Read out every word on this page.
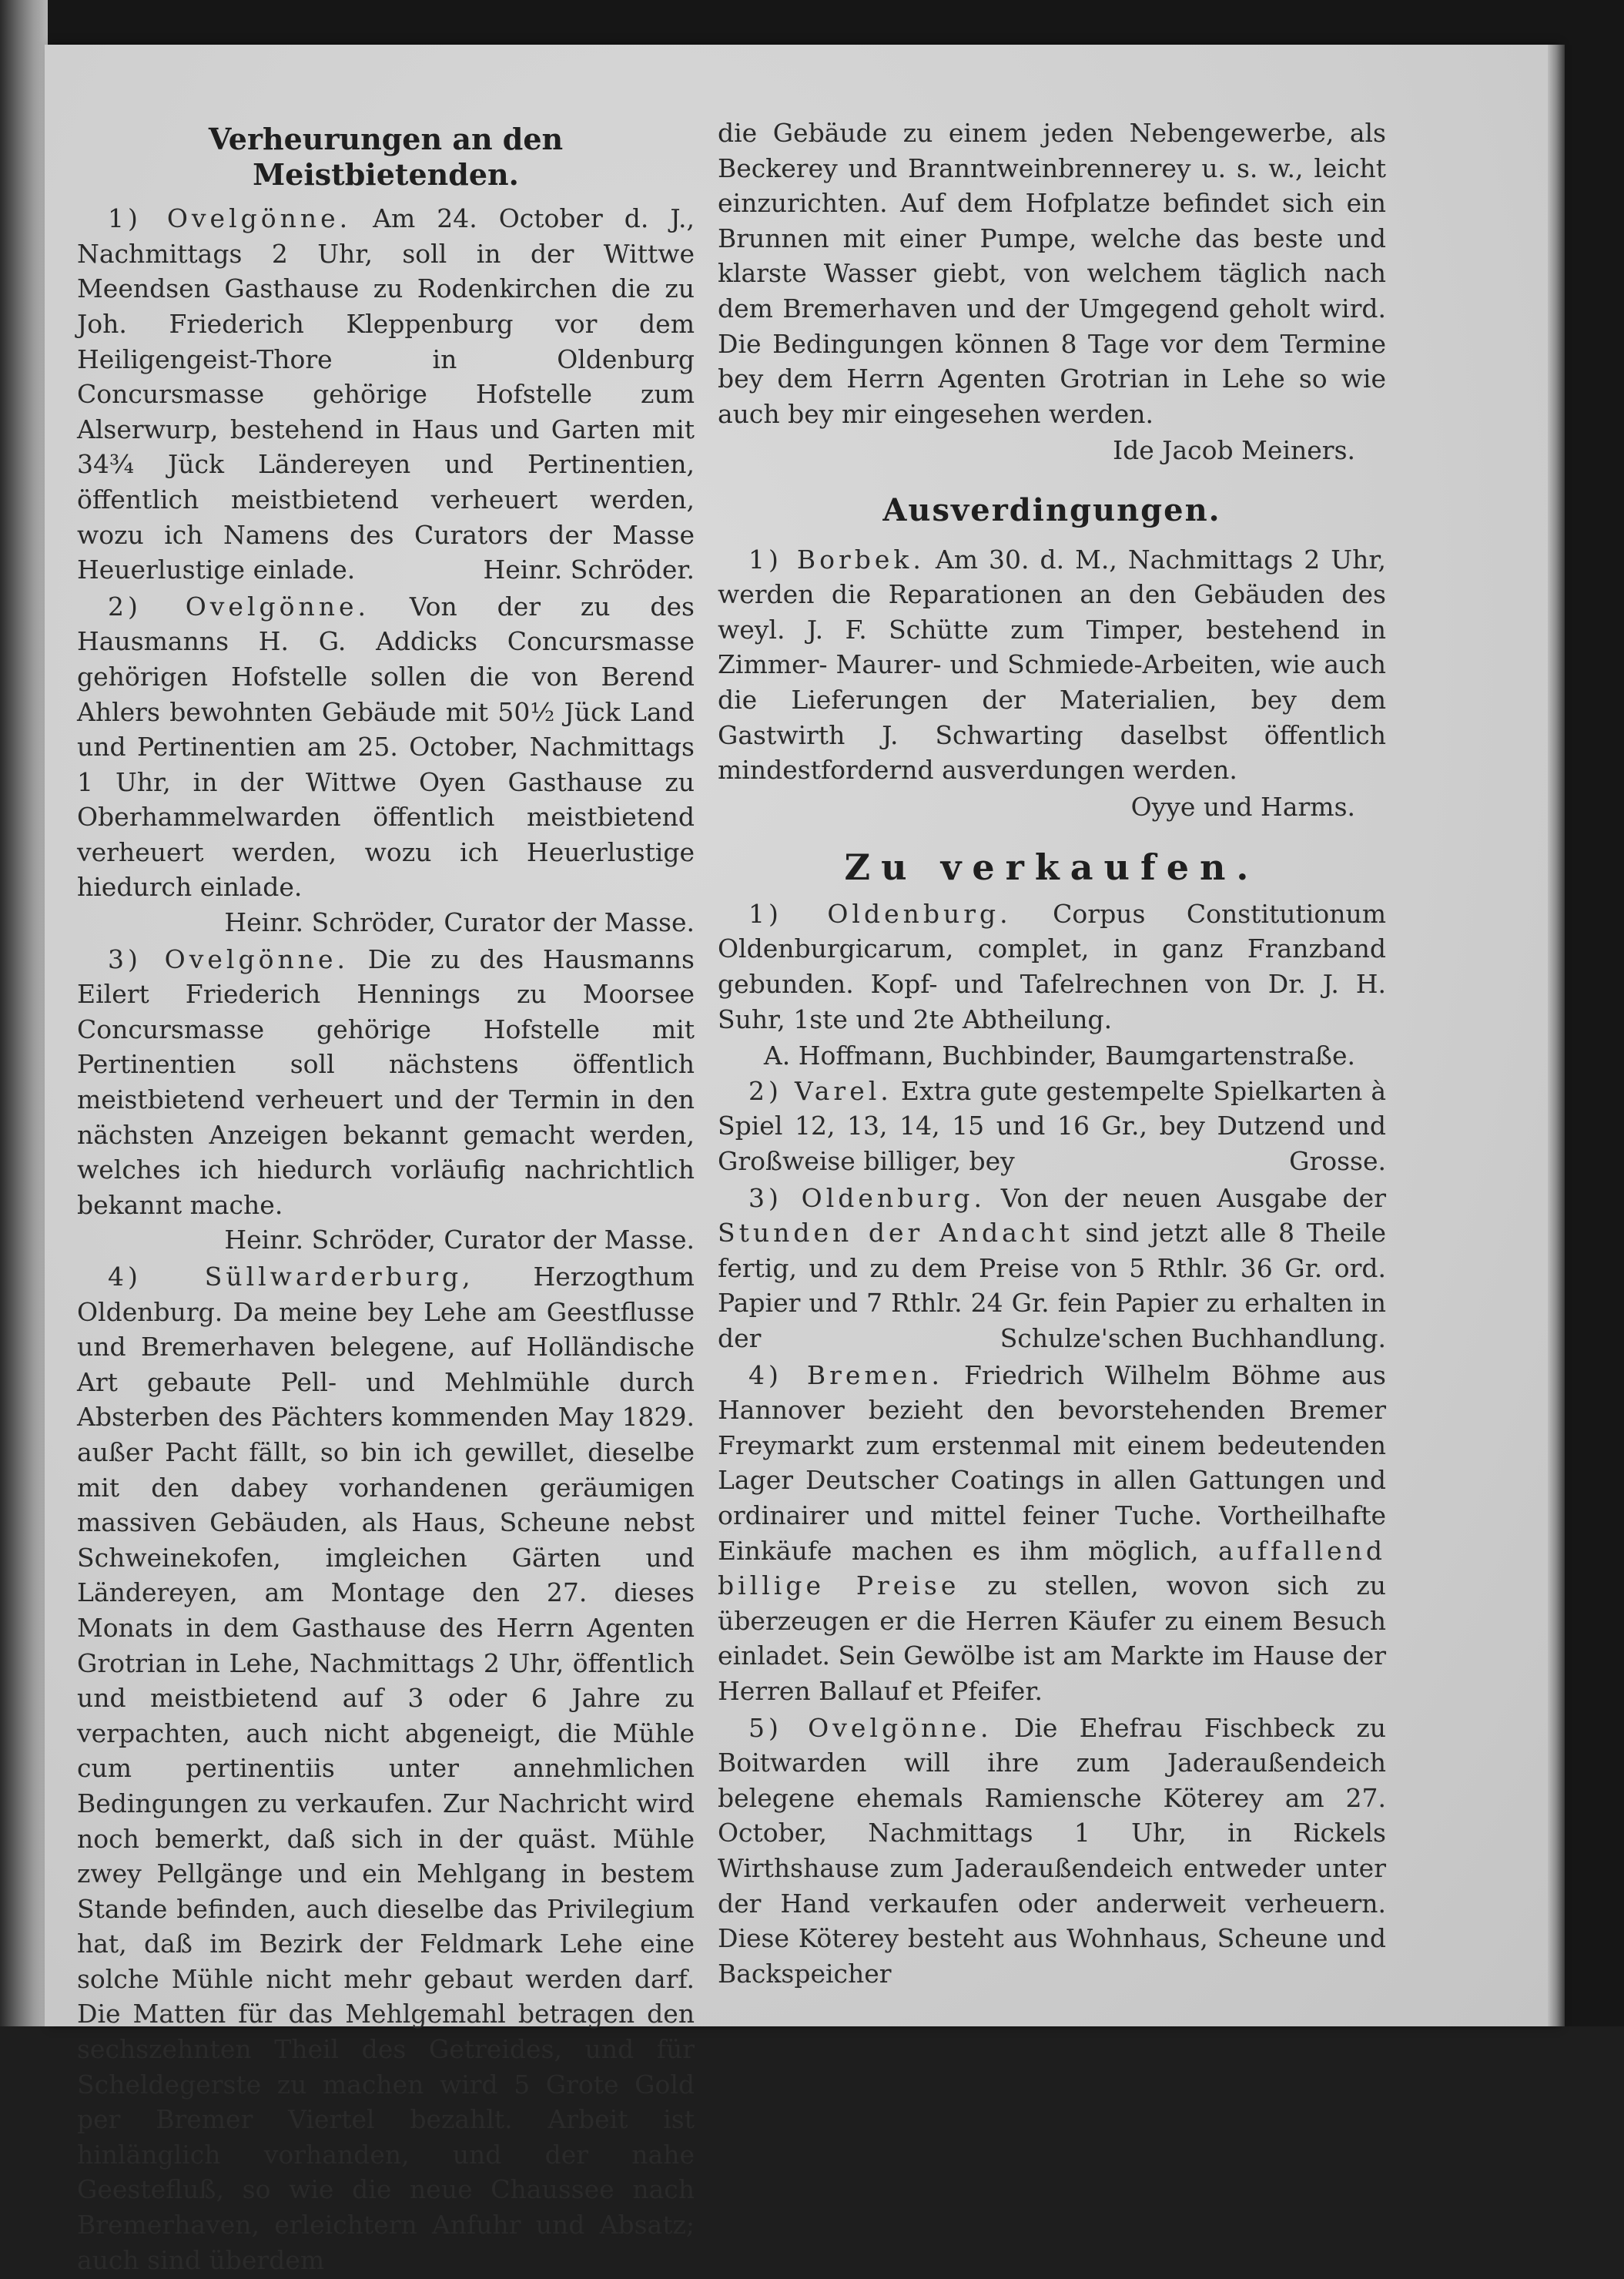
Verheurungen an den Meistbietenden.

1) Ovelgönne. Am 24. October d. J., Nachmittags 2 Uhr, soll in der Wittwe Meendsen Gasthause zu Rodenkirchen die zu Joh. Friederich Kleppenburg vor dem Heiligengeist-Thore in Oldenburg Concursmasse gehörige Hofstelle zum Alserwurp, bestehend in Haus und Garten mit 34¾ Jück Ländereyen und Pertinentien, öffentlich meistbietend verheuert werden, wozu ich Namens des Curators der Masse Heuerlustige einlade.	Heinr. Schröder.

2) Ovelgönne. Von der zu des Hausmanns H. G. Addicks Concursmasse gehörigen Hofstelle sollen die von Berend Ahlers bewohnten Gebäude mit 50½ Jück Land und Pertinentien am 25. October, Nachmittags 1 Uhr, in der Wittwe Oyen Gasthause zu Oberhammelwarden öffentlich meistbietend verheuert werden, wozu ich Heuerlustige hiedurch einlade.
Heinr. Schröder, Curator der Masse.

3) Ovelgönne. Die zu des Hausmanns Eilert Friederich Hennings zu Moorsee Concursmasse gehörige Hofstelle mit Pertinentien soll nächstens öffentlich meistbietend verheuert und der Termin in den nächsten Anzeigen bekannt gemacht werden, welches ich hiedurch vorläufig nachrichtlich bekannt mache.
Heinr. Schröder, Curator der Masse.

4) Süllwarderburg, Herzogthum Oldenburg. Da meine bey Lehe am Geestflusse und Bremerhaven belegene, auf Holländische Art gebaute Pell- und Mehlmühle durch Absterben des Pächters kommenden May 1829. außer Pacht fällt, so bin ich gewillet, dieselbe mit den dabey vorhandenen geräumigen massiven Gebäuden, als Haus, Scheune nebst Schweinekofen, imgleichen Gärten und Ländereyen, am Montage den 27. dieses Monats in dem Gasthause des Herrn Agenten Grotrian in Lehe, Nachmittags 2 Uhr, öffentlich und meistbietend auf 3 oder 6 Jahre zu verpachten, auch nicht abgeneigt, die Mühle cum pertinentiis unter annehmlichen Bedingungen zu verkaufen. Zur Nachricht wird noch bemerkt, daß sich in der quäst. Mühle zwey Pellgänge und ein Mehlgang in bestem Stande befinden, auch dieselbe das Privilegium hat, daß im Bezirk der Feldmark Lehe eine solche Mühle nicht mehr gebaut werden darf. Die Matten für das Mehlgemahl betragen den sechszehnten Theil des Getreides, und für Scheldegerste zu machen wird 5 Grote Gold per Bremer Viertel bezahlt. Arbeit ist hinlänglich vorhanden, und der nahe Geestefluß, so wie die neue Chaussee nach Bremerhaven, erleichtern Anfuhr und Absatz; auch sind überdem

die Gebäude zu einem jeden Nebengewerbe, als Beckerey und Branntweinbrennerey u. s. w., leicht einzurichten. Auf dem Hofplatze befindet sich ein Brunnen mit einer Pumpe, welche das beste und klarste Wasser giebt, von welchem täglich nach dem Bremerhaven und der Umgegend geholt wird. Die Bedingungen können 8 Tage vor dem Termine bey dem Herrn Agenten Grotrian in Lehe so wie auch bey mir eingesehen werden.

Ide Jacob Meiners.
Ausverdingungen.

1) Borbek. Am 30. d. M., Nachmittags 2 Uhr, werden die Reparationen an den Gebäuden des weyl. J. F. Schütte zum Timper, bestehend in Zimmer- Maurer- und Schmiede-Arbeiten, wie auch die Lieferungen der Materialien, bey dem Gastwirth J. Schwarting daselbst öffentlich mindestfordernd ausverdungen werden.

Oyye und Harms.
Zu verkaufen.

1) Oldenburg. Corpus Constitutionum Oldenburgicarum, complet, in ganz Franzband gebunden. Kopf- und Tafelrechnen von Dr. J. H. Suhr, 1ste und 2te Abtheilung.

A. Hoffmann, Buchbinder, Baumgartenstraße.

2) Varel. Extra gute gestempelte Spielkarten à Spiel 12, 13, 14, 15 und 16 Gr., bey Dutzend und Großweise billiger, bey	Grosse.

3) Oldenburg. Von der neuen Ausgabe der Stunden der Andacht sind jetzt alle 8 Theile fertig, und zu dem Preise von 5 Rthlr. 36 Gr. ord. Papier und 7 Rthlr. 24 Gr. fein Papier zu erhalten in der	Schulze'schen Buchhandlung.

4) Bremen. Friedrich Wilhelm Böhme aus Hannover bezieht den bevorstehenden Bremer Freymarkt zum erstenmal mit einem bedeutenden Lager Deutscher Coatings in allen Gattungen und ordinairer und mittel feiner Tuche. Vortheilhafte Einkäufe machen es ihm möglich, auffallend billige Preise zu stellen, wovon sich zu überzeugen er die Herren Käufer zu einem Besuch einladet. Sein Gewölbe ist am Markte im Hause der Herren Ballauf et Pfeifer.

5) Ovelgönne. Die Ehefrau Fischbeck zu Boitwarden will ihre zum Jaderaußendeich belegene ehemals Ramiensche Köterey am 27. October, Nachmittags 1 Uhr, in Rickels Wirthshause zum Jaderaußendeich entweder unter der Hand verkaufen oder anderweit verheuern. Diese Köterey besteht aus Wohnhaus, Scheune und Backspeicher
